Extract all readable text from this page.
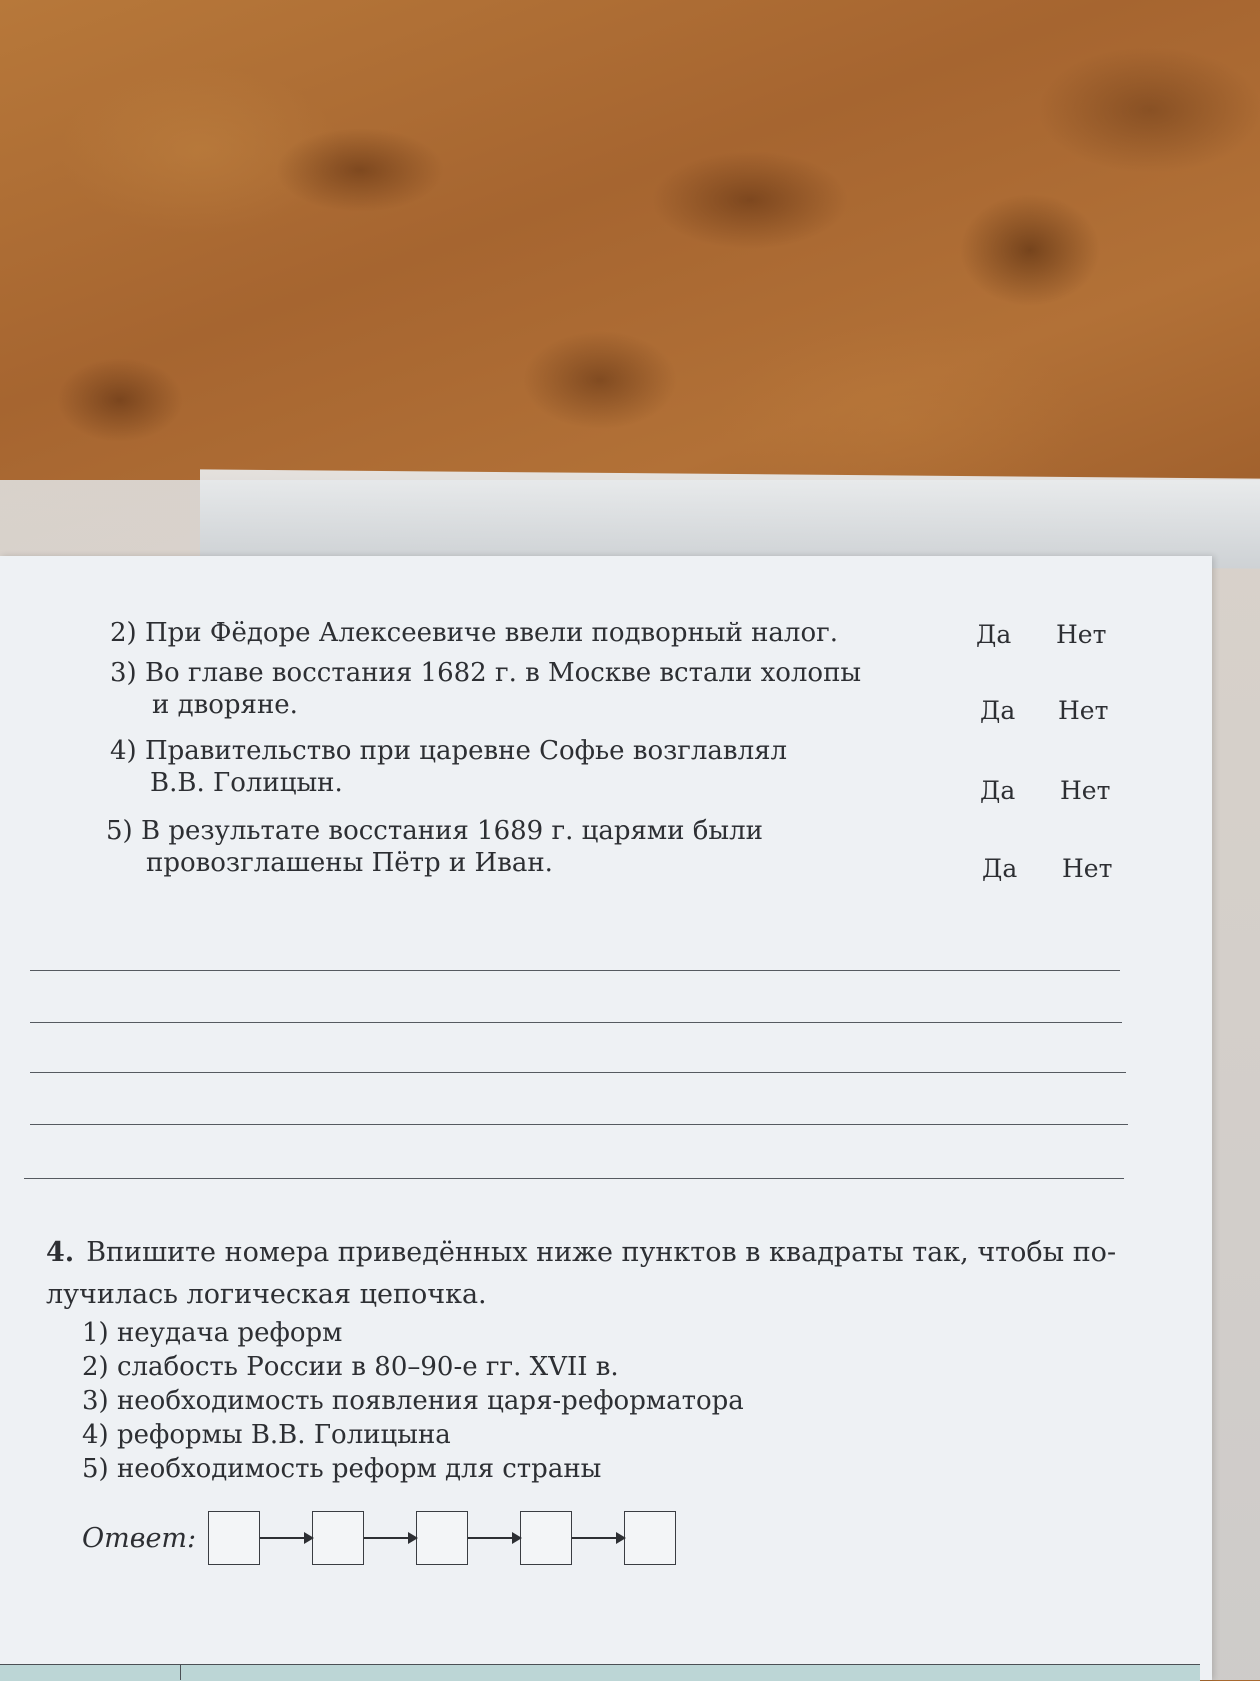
2) При Фёдоре Алексеевиче ввели подворный налог.	Да Нет
3) Во главе восстания 1682 г. в Москве встали холопы
и дворяне.	Да Нет
4) Правительство при царевне Софье возглавлял
В.В. Голицын.	Да Нет
5) В результате восстания 1689 г. царями были
провозглашены Пётр и Иван.	Да Нет
4. Впишите номера приведённых ниже пунктов в квадраты так, чтобы по-лучилась логическая цепочка.
1) неудача реформ
2) слабость России в 80–90-е гг. XVII в.
3) необходимость появления царя-реформатора
4) реформы В.В. Голицына
5) необходимость реформ для страны
Ответ:
